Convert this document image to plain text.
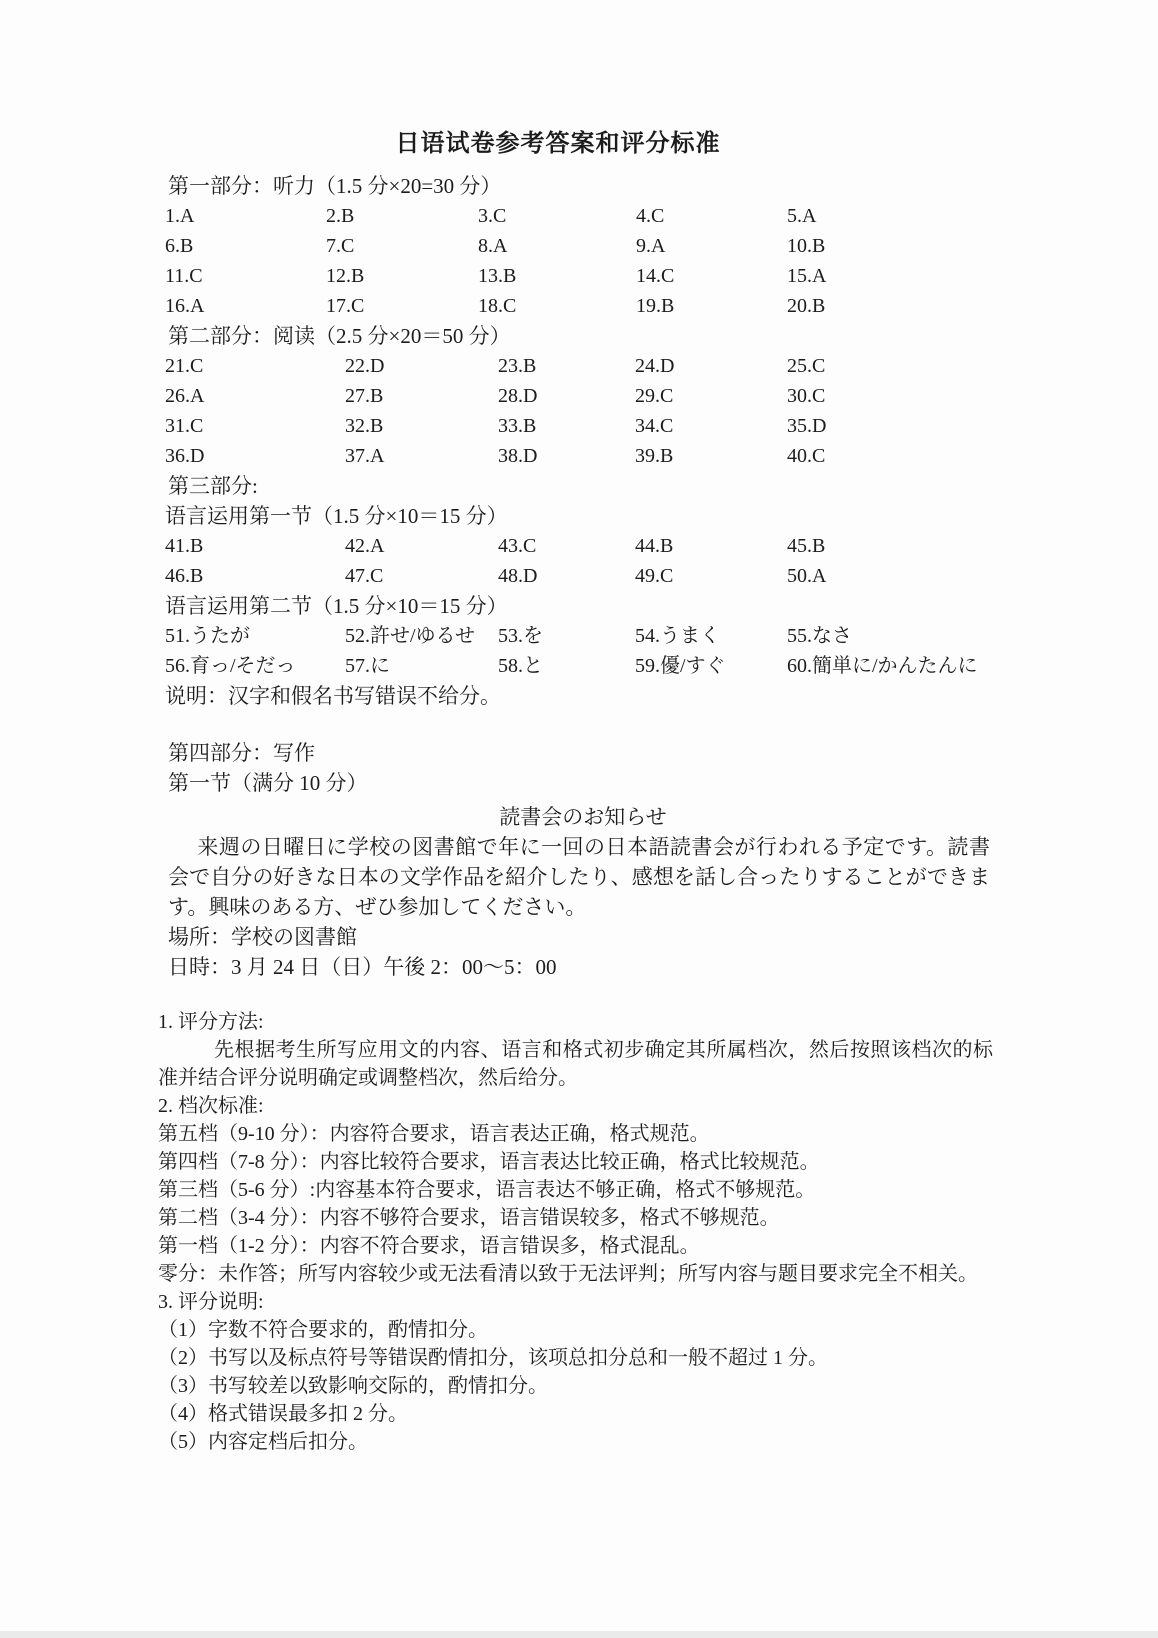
日语试卷参考答案和评分标准
第一部分：听力（1.5 分×20=30 分）
1.A	2.B	3.C	4.C	5.A
6.B	7.C	8.A	9.A	10.B
11.C	12.B	13.B	14.C	15.A
16.A	17.C	18.C	19.B	20.B
第二部分：阅读（2.5 分×20＝50 分）
21.C	22.D	23.B	24.D	25.C
26.A	27.B	28.D	29.C	30.C
31.C	32.B	33.B	34.C	35.D
36.D	37.A	38.D	39.B	40.C
第三部分:
语言运用第一节（1.5 分×10＝15 分）
41.B	42.A	43.C	44.B	45.B
46.B	47.C	48.D	49.C	50.A
语言运用第二节（1.5 分×10＝15 分）
51.うたが	52.許せ/ゆるせ	53.を	54.うまく	55.なさ
56.育っ/そだっ	57.に	58.と	59.優/すぐ	60.簡単に/かんたんに
说明：汉字和假名书写错误不给分。
第四部分：写作
第一节（满分 10 分）
読書会のお知らせ
来週の日曜日に学校の図書館で年に一回の日本語読書会が行われる予定です。読書会で自分の好きな日本の文学作品を紹介したり、感想を話し合ったりすることができます。興味のある方、ぜひ参加してください。
場所：学校の図書館
日時：3 月 24 日（日）午後 2：00～5：00
1. 评分方法:
先根据考生所写应用文的内容、语言和格式初步确定其所属档次，然后按照该档次的标准并结合评分说明确定或调整档次，然后给分。
2. 档次标准:
第五档（9-10 分）：内容符合要求，语言表达正确，格式规范。
第四档（7-8 分）：内容比较符合要求，语言表达比较正确，格式比较规范。
第三档（5-6 分）:内容基本符合要求，语言表达不够正确，格式不够规范。
第二档（3-4 分）：内容不够符合要求，语言错误较多，格式不够规范。
第一档（1-2 分）：内容不符合要求，语言错误多，格式混乱。
零分：未作答；所写内容较少或无法看清以致于无法评判；所写内容与题目要求完全不相关。
3. 评分说明:
（1）字数不符合要求的，酌情扣分。
（2）书写以及标点符号等错误酌情扣分，该项总扣分总和一般不超过 1 分。
（3）书写较差以致影响交际的，酌情扣分。
（4）格式错误最多扣 2 分。
（5）内容定档后扣分。
